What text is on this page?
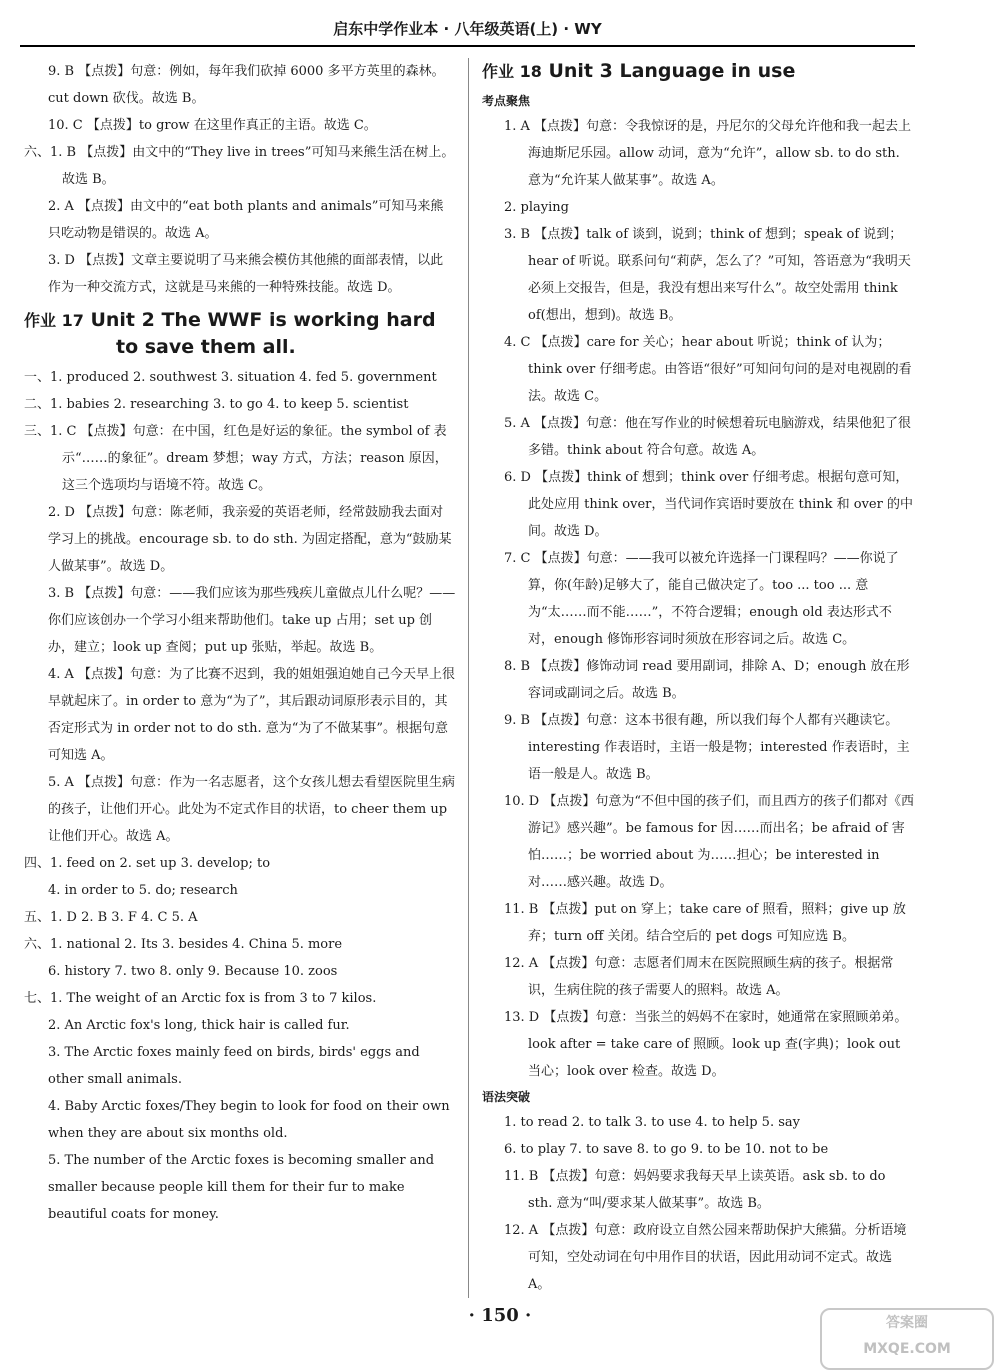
启东中学作业本 · 八年级英语(上) · WY

9. B 【点拨】句意：例如，每年我们砍掉 6000 多平方英里的森林。cut down 砍伐。故选 B。

10. C 【点拨】to grow 在这里作真正的主语。故选 C。

六、1. B 【点拨】由文中的“They live in trees”可知马来熊生活在树上。故选 B。

2. A 【点拨】由文中的“eat both plants and animals”可知马来熊只吃动物是错误的。故选 A。

3. D 【点拨】文章主要说明了马来熊会模仿其他熊的面部表情，以此作为一种交流方式，这就是马来熊的一种特殊技能。故选 D。

作业 17 Unit 2 The WWF is working hard
to save them all.

一、1. produced 2. southwest 3. situation 4. fed 5. government

二、1. babies 2. researching 3. to go 4. to keep 5. scientist

三、1. C 【点拨】句意：在中国，红色是好运的象征。the symbol of 表示“……的象征”。dream 梦想；way 方式，方法；reason 原因，这三个选项均与语境不符。故选 C。

2. D 【点拨】句意：陈老师，我亲爱的英语老师，经常鼓励我去面对学习上的挑战。encourage sb. to do sth. 为固定搭配，意为“鼓励某人做某事”。故选 D。

3. B 【点拨】句意：——我们应该为那些残疾儿童做点儿什么呢？——你们应该创办一个学习小组来帮助他们。take up 占用；set up 创办，建立；look up 查阅；put up 张贴，举起。故选 B。

4. A 【点拨】句意：为了比赛不迟到，我的姐姐强迫她自己今天早上很早就起床了。in order to 意为“为了”，其后跟动词原形表示目的，其否定形式为 in order not to do sth. 意为“为了不做某事”。根据句意可知选 A。

5. A 【点拨】句意：作为一名志愿者，这个女孩儿想去看望医院里生病的孩子，让他们开心。此处为不定式作目的状语，to cheer them up 让他们开心。故选 A。

四、1. feed on 2. set up 3. develop; to

4. in order to 5. do; research

五、1. D 2. B 3. F 4. C 5. A

六、1. national 2. Its 3. besides 4. China 5. more

6. history 7. two 8. only 9. Because 10. zoos

七、1. The weight of an Arctic fox is from 3 to 7 kilos.

2. An Arctic fox's long, thick hair is called fur.

3. The Arctic foxes mainly feed on birds, birds' eggs and other small animals.

4. Baby Arctic foxes/They begin to look for food on their own when they are about six months old.

5. The number of the Arctic foxes is becoming smaller and smaller because people kill them for their fur to make beautiful coats for money.

作业 18 Unit 3 Language in use
考点聚焦

1. A 【点拨】句意：令我惊讶的是，丹尼尔的父母允许他和我一起去上海迪斯尼乐园。allow 动词，意为“允许”，allow sb. to do sth. 意为“允许某人做某事”。故选 A。

2. playing

3. B 【点拨】talk of 谈到，说到；think of 想到；speak of 说到；hear of 听说。联系问句“莉萨，怎么了？”可知，答语意为“我明天必须上交报告，但是，我没有想出来写什么”。故空处需用 think of(想出，想到)。故选 B。

4. C 【点拨】care for 关心；hear about 听说；think of 认为；think over 仔细考虑。由答语“很好”可知问句问的是对电视剧的看法。故选 C。

5. A 【点拨】句意：他在写作业的时候想着玩电脑游戏，结果他犯了很多错。think about 符合句意。故选 A。

6. D 【点拨】think of 想到；think over 仔细考虑。根据句意可知，此处应用 think over，当代词作宾语时要放在 think 和 over 的中间。故选 D。

7. C 【点拨】句意：——我可以被允许选择一门课程吗？——你说了算，你(年龄)足够大了，能自己做决定了。too ... too ... 意为“太……而不能……”，不符合逻辑；enough old 表达形式不对，enough 修饰形容词时须放在形容词之后。故选 C。

8. B 【点拨】修饰动词 read 要用副词，排除 A、D；enough 放在形容词或副词之后。故选 B。

9. B 【点拨】句意：这本书很有趣，所以我们每个人都有兴趣读它。interesting 作表语时，主语一般是物；interested 作表语时，主语一般是人。故选 B。

10. D 【点拨】句意为“不但中国的孩子们，而且西方的孩子们都对《西游记》感兴趣”。be famous for 因……而出名；be afraid of 害怕……；be worried about 为……担心；be interested in 对……感兴趣。故选 D。

11. B 【点拨】put on 穿上；take care of 照看，照料；give up 放弃；turn off 关闭。结合空后的 pet dogs 可知应选 B。

12. A 【点拨】句意：志愿者们周末在医院照顾生病的孩子。根据常识，生病住院的孩子需要人的照料。故选 A。

13. D 【点拨】句意：当张兰的妈妈不在家时，她通常在家照顾弟弟。look after = take care of 照顾。look up 查(字典)；look out 当心；look over 检查。故选 D。

语法突破

1. to read 2. to talk 3. to use 4. to help 5. say

6. to play 7. to save 8. to go 9. to be 10. not to be

11. B 【点拨】句意：妈妈要求我每天早上读英语。ask sb. to do sth. 意为“叫/要求某人做某事”。故选 B。

12. A 【点拨】句意：政府设立自然公园来帮助保护大熊猫。分析语境可知，空处动词在句中用作目的状语，因此用动词不定式。故选 A。

· 150 ·	答案圈
MXQE.COM
